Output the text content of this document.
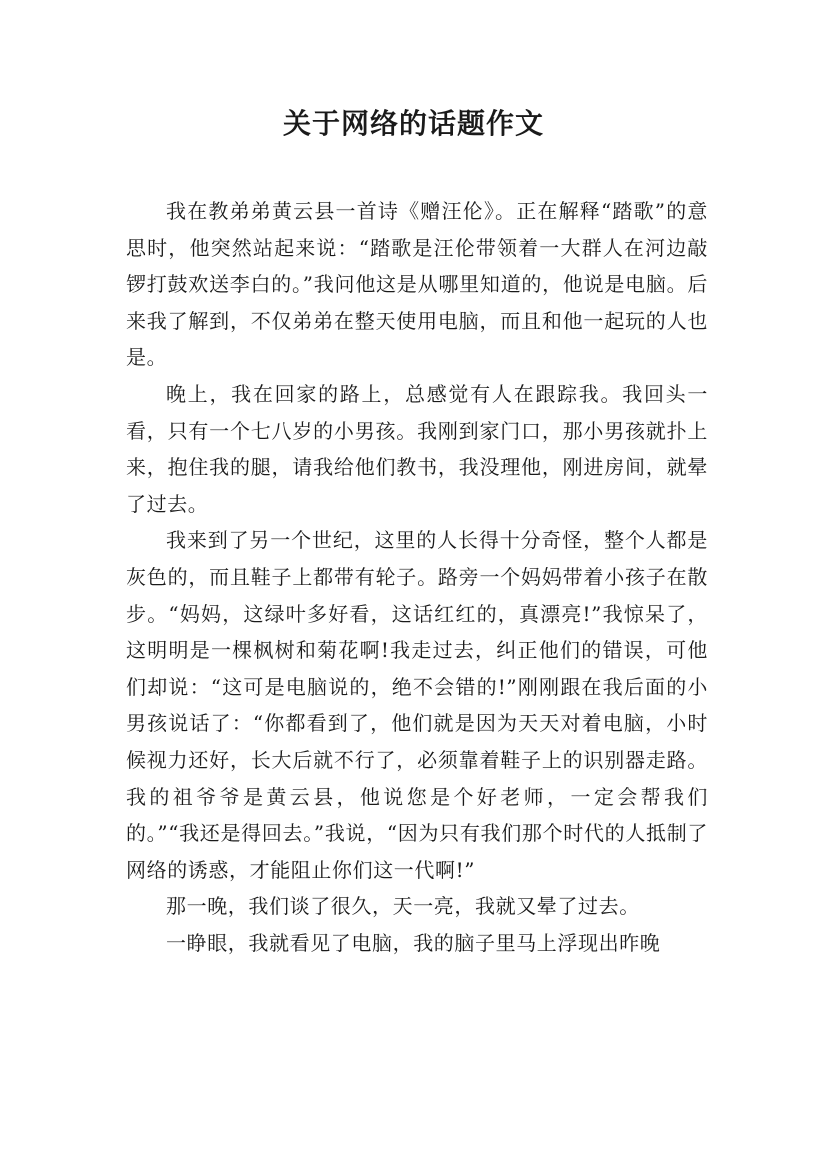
关于网络的话题作文

我在教弟弟黄云县一首诗《赠汪伦》。正在解释“踏歌”的意思时，他突然站起来说：“踏歌是汪伦带领着一大群人在河边敲锣打鼓欢送李白的。”我问他这是从哪里知道的，他说是电脑。后来我了解到，不仅弟弟在整天使用电脑，而且和他一起玩的人也是。

晚上，我在回家的路上，总感觉有人在跟踪我。我回头一看，只有一个七八岁的小男孩。我刚到家门口，那小男孩就扑上来，抱住我的腿，请我给他们教书，我没理他，刚进房间，就晕了过去。

我来到了另一个世纪，这里的人长得十分奇怪，整个人都是灰色的，而且鞋子上都带有轮子。路旁一个妈妈带着小孩子在散步。“妈妈，这绿叶多好看，这话红红的，真漂亮!”我惊呆了，这明明是一棵枫树和菊花啊!我走过去，纠正他们的错误，可他们却说：“这可是电脑说的，绝不会错的!”刚刚跟在我后面的小男孩说话了：“你都看到了，他们就是因为天天对着电脑，小时候视力还好，长大后就不行了，必须靠着鞋子上的识别器走路。我的祖爷爷是黄云县，他说您是个好老师，一定会帮我们的。”“我还是得回去。”我说，“因为只有我们那个时代的人抵制了网络的诱惑，才能阻止你们这一代啊!”

那一晚，我们谈了很久，天一亮，我就又晕了过去。

一睁眼，我就看见了电脑，我的脑子里马上浮现出昨晚
